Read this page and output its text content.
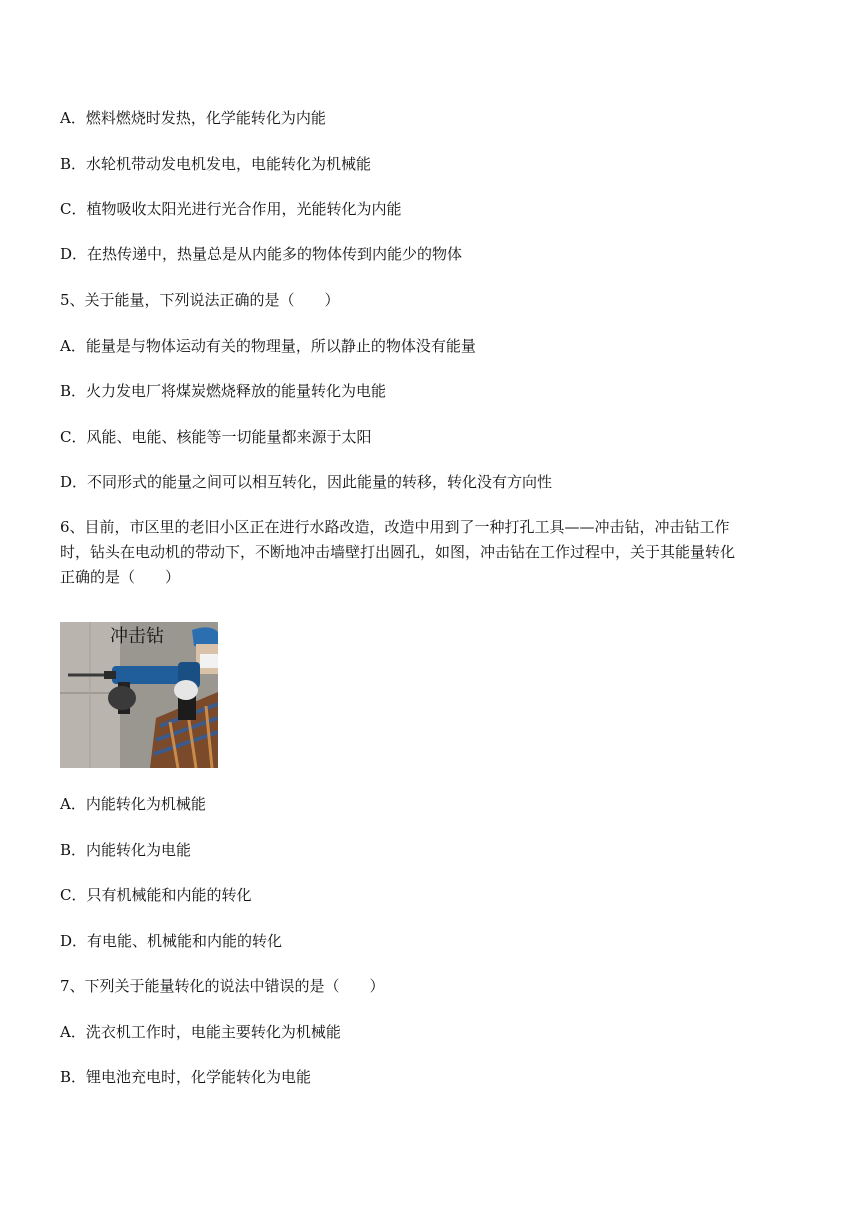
A．燃料燃烧时发热，化学能转化为内能
B．水轮机带动发电机发电，电能转化为机械能
C．植物吸收太阳光进行光合作用，光能转化为内能
D．在热传递中，热量总是从内能多的物体传到内能少的物体
5、关于能量，下列说法正确的是（　　）
A．能量是与物体运动有关的物理量，所以静止的物体没有能量
B．火力发电厂将煤炭燃烧释放的能量转化为电能
C．风能、电能、核能等一切能量都来源于太阳
D．不同形式的能量之间可以相互转化，因此能量的转移，转化没有方向性
6、目前，市区里的老旧小区正在进行水路改造，改造中用到了一种打孔工具——冲击钻，冲击钻工作
时，钻头在电动机的带动下，不断地冲击墙壁打出圆孔，如图，冲击钻在工作过程中，关于其能量转化
正确的是（　　）
冲击钻
A．内能转化为机械能
B．内能转化为电能
C．只有机械能和内能的转化
D．有电能、机械能和内能的转化
7、下列关于能量转化的说法中错误的是（　　）
A．洗衣机工作时，电能主要转化为机械能
B．锂电池充电时，化学能转化为电能
